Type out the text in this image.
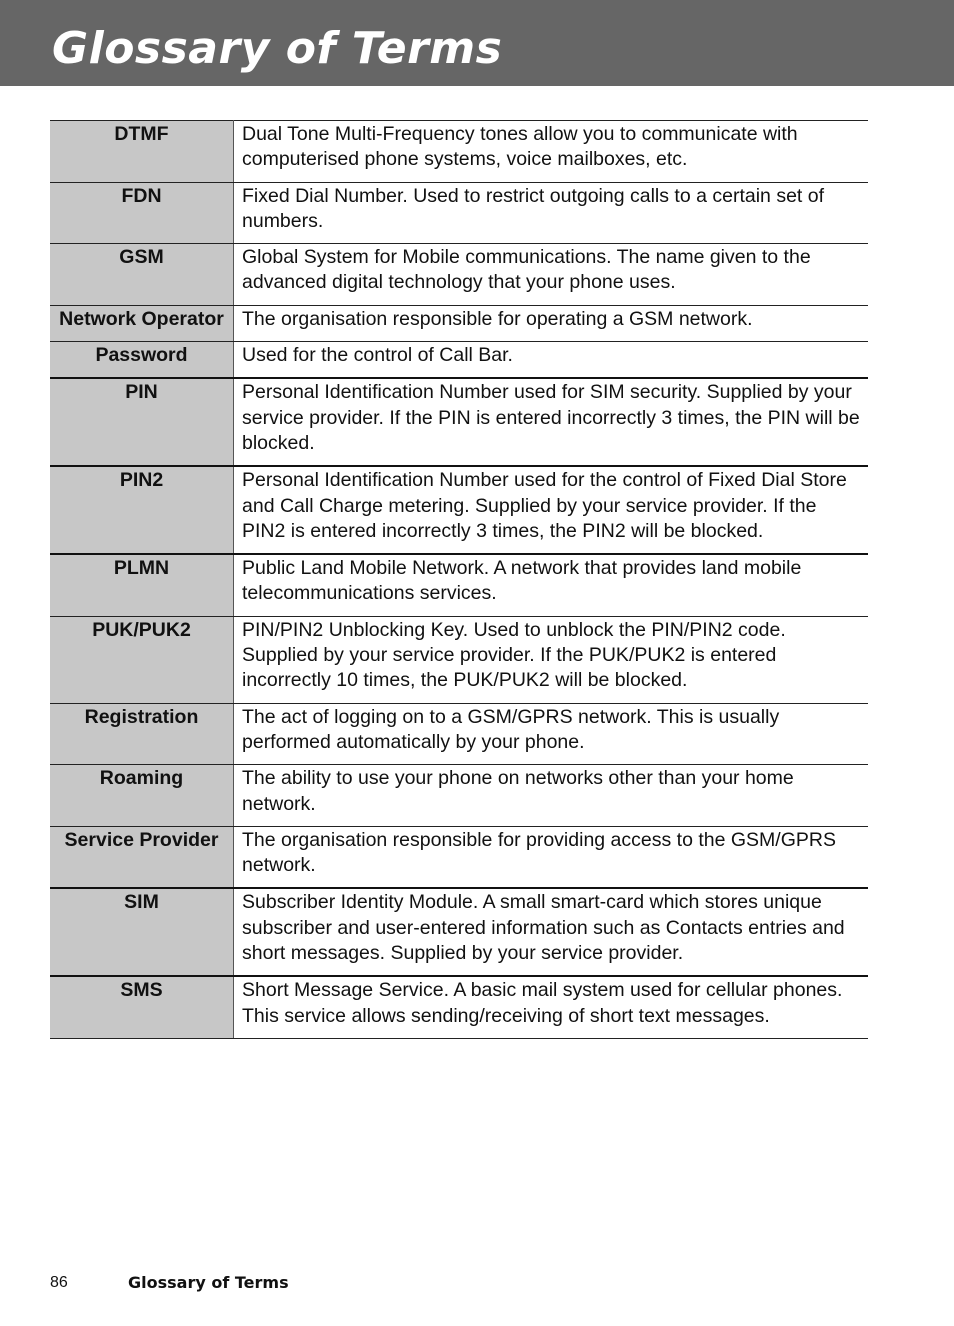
Glossary of Terms
DTMF	Dual Tone Multi-Frequency tones allow you to communicate with computerised phone systems, voice mailboxes, etc.
FDN	Fixed Dial Number. Used to restrict outgoing calls to a certain set of numbers.
GSM	Global System for Mobile communications. The name given to the advanced digital technology that your phone uses.
Network Operator	The organisation responsible for operating a GSM network.
Password	Used for the control of Call Bar.
PIN	Personal Identification Number used for SIM security. Supplied by your service provider. If the PIN is entered incorrectly 3 times, the PIN will be blocked.
PIN2	Personal Identification Number used for the control of Fixed Dial Store and Call Charge metering. Supplied by your service provider. If the PIN2 is entered incorrectly 3 times, the PIN2 will be blocked.
PLMN	Public Land Mobile Network. A network that provides land mobile telecommunications services.
PUK/PUK2	PIN/PIN2 Unblocking Key. Used to unblock the PIN/PIN2 code. Supplied by your service provider. If the PUK/PUK2 is entered incorrectly 10 times, the PUK/PUK2 will be blocked.
Registration	The act of logging on to a GSM/GPRS network. This is usually performed automatically by your phone.
Roaming	The ability to use your phone on networks other than your home network.
Service Provider	The organisation responsible for providing access to the GSM/GPRS network.
SIM	Subscriber Identity Module. A small smart-card which stores unique subscriber and user-entered information such as Contacts entries and short messages. Supplied by your service provider.
SMS	Short Message Service. A basic mail system used for cellular phones. This service allows sending/receiving of short text messages.
86	Glossary of Terms
